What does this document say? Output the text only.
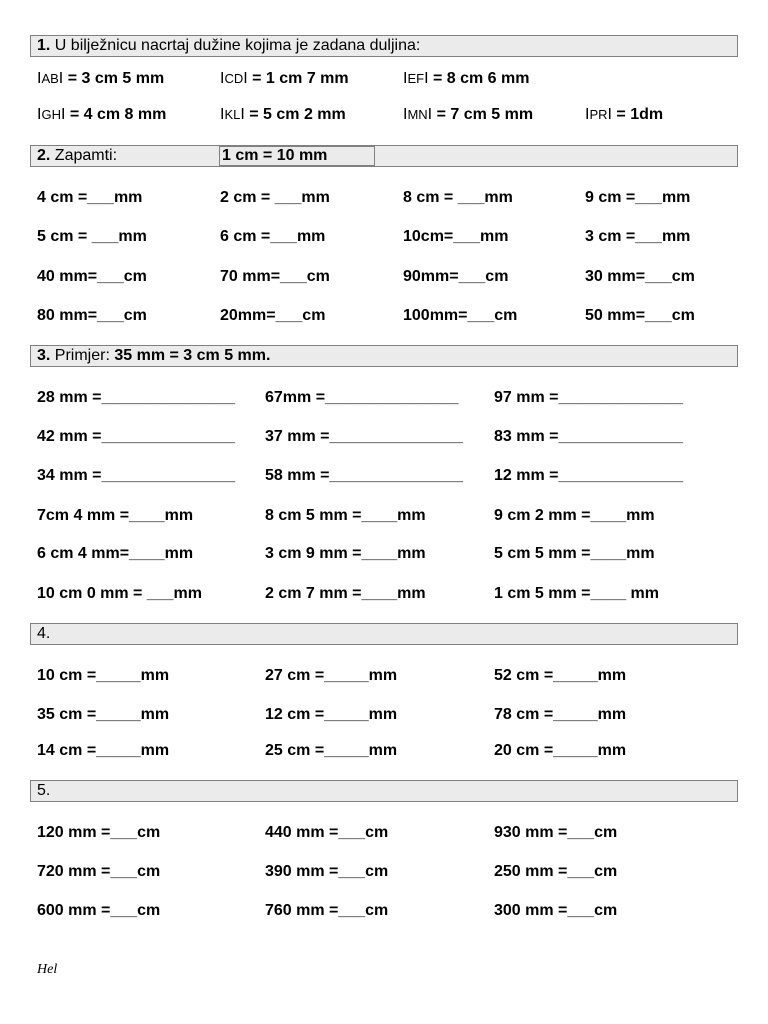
1. U bilježnicu nacrtaj dužine kojima je zadana duljina:
IABI = 3 cm 5 mm	ICDI = 1 cm 7 mm	IEFI = 8 cm 6 mm
IGHI = 4 cm 8 mm	IKLI = 5 cm 2 mm	IMNI = 7 cm 5 mm	IPRI = 1dm
2. Zapamti:	1 cm = 10 mm
4 cm =___mm	2 cm = ___mm	8 cm = ___mm	9 cm =___mm
5 cm = ___mm	6 cm =___mm	10cm=___mm	3 cm =___mm
40 mm=___cm	70 mm=___cm	90mm=___cm	30 mm=___cm
80 mm=___cm	20mm=___cm	100mm=___cm	50 mm=___cm
3. Primjer: 35 mm = 3 cm 5 mm.
28 mm =_______________ 67mm =_______________ 97 mm =______________
42 mm =_______________ 37 mm =_______________ 83 mm =______________
34 mm =_______________ 58 mm =_______________ 12 mm =______________
7cm 4 mm =____mm	8 cm 5 mm =____mm	9 cm 2 mm =____mm
6 cm 4 mm=____mm	3 cm 9 mm =____mm	5 cm 5 mm =____mm
10 cm 0 mm = ___mm	2 cm 7 mm =____mm	1 cm 5 mm =____ mm
4.
10 cm =_____mm	27 cm =_____mm	52 cm =_____mm
35 cm =_____mm	12 cm =_____mm	78 cm =_____mm
14 cm =_____mm	25 cm =_____mm	20 cm =_____mm
5.
120 mm =___cm	440 mm =___cm	930 mm =___cm
720 mm =___cm	390 mm =___cm	250 mm =___cm
600 mm =___cm	760 mm =___cm	300 mm =___cm
Hel
